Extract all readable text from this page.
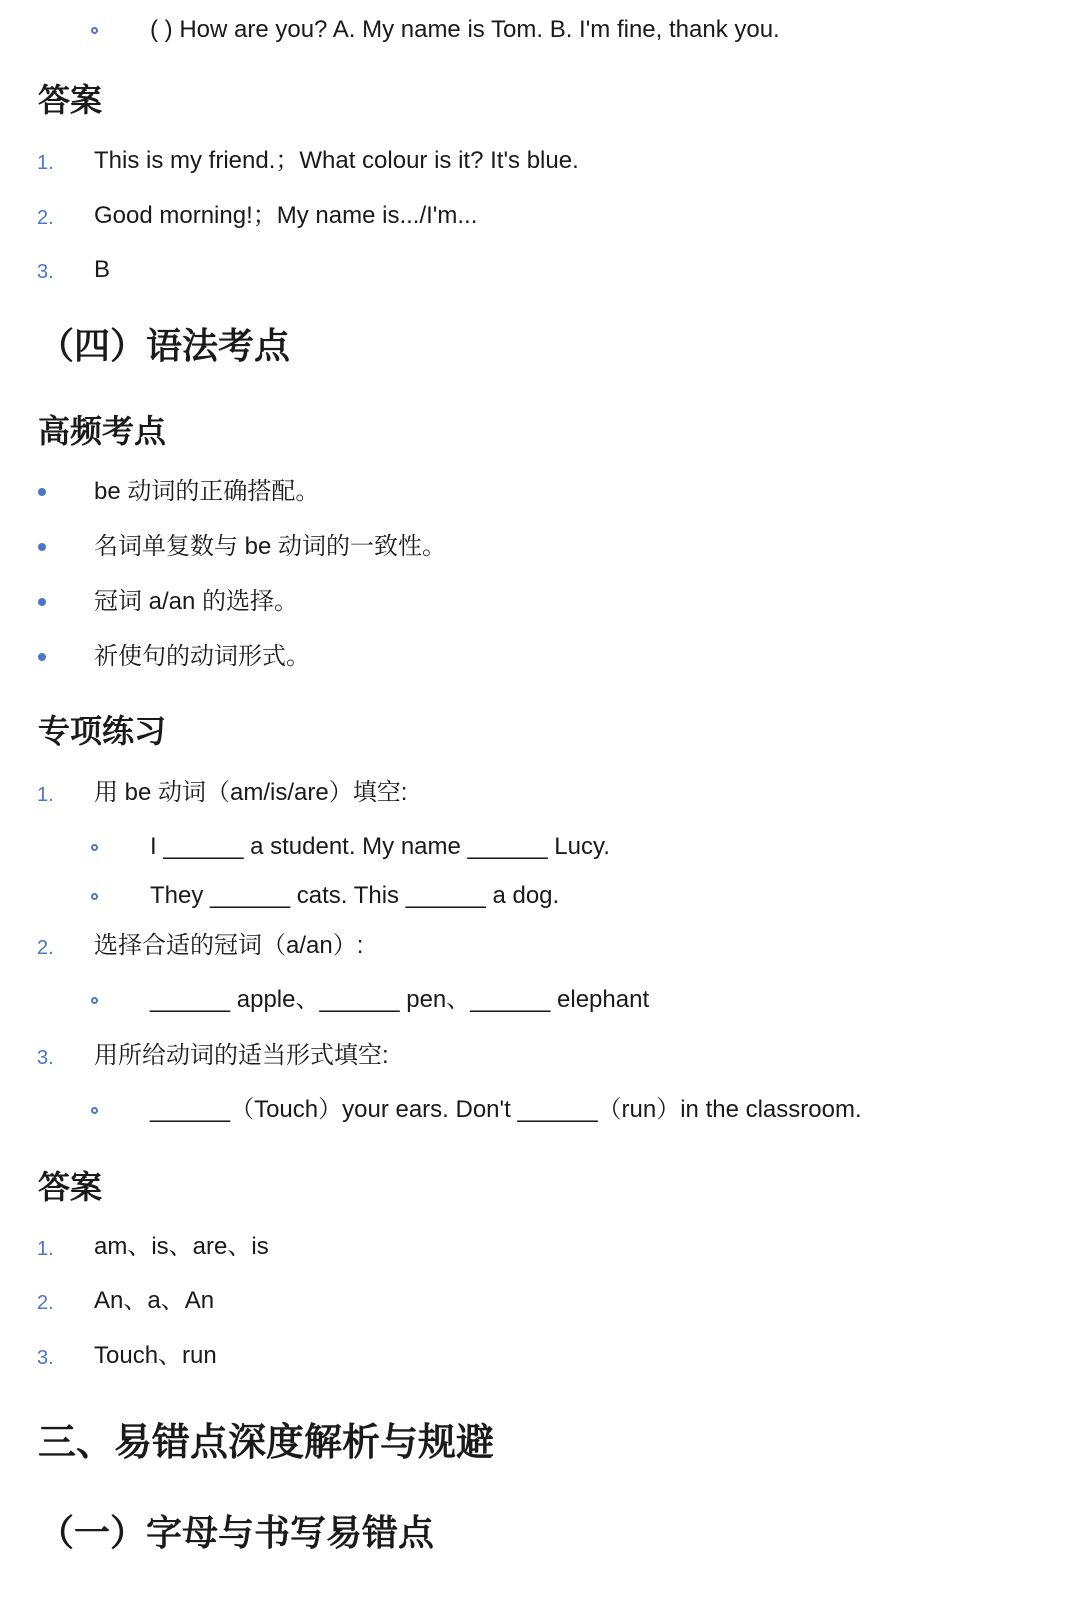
( ) How are you? A. My name is Tom. B. I'm fine, thank you.
答案
1. This is my friend.；What colour is it? It's blue.
2. Good morning!；My name is.../I'm...
3. B
（四）语法考点
高频考点
be 动词的正确搭配。
名词单复数与 be 动词的一致性。
冠词 a/an 的选择。
祈使句的动词形式。
专项练习
1. 用 be 动词（am/is/are）填空:
I ______ a student. My name ______ Lucy.
They ______ cats. This ______ a dog.
2. 选择合适的冠词（a/an）:
______ apple、______ pen、______ elephant
3. 用所给动词的适当形式填空:
______（Touch）your ears. Don't ______（run）in the classroom.
答案
1. am、is、are、is
2. An、a、An
3. Touch、run
三、易错点深度解析与规避
（一）字母与书写易错点
